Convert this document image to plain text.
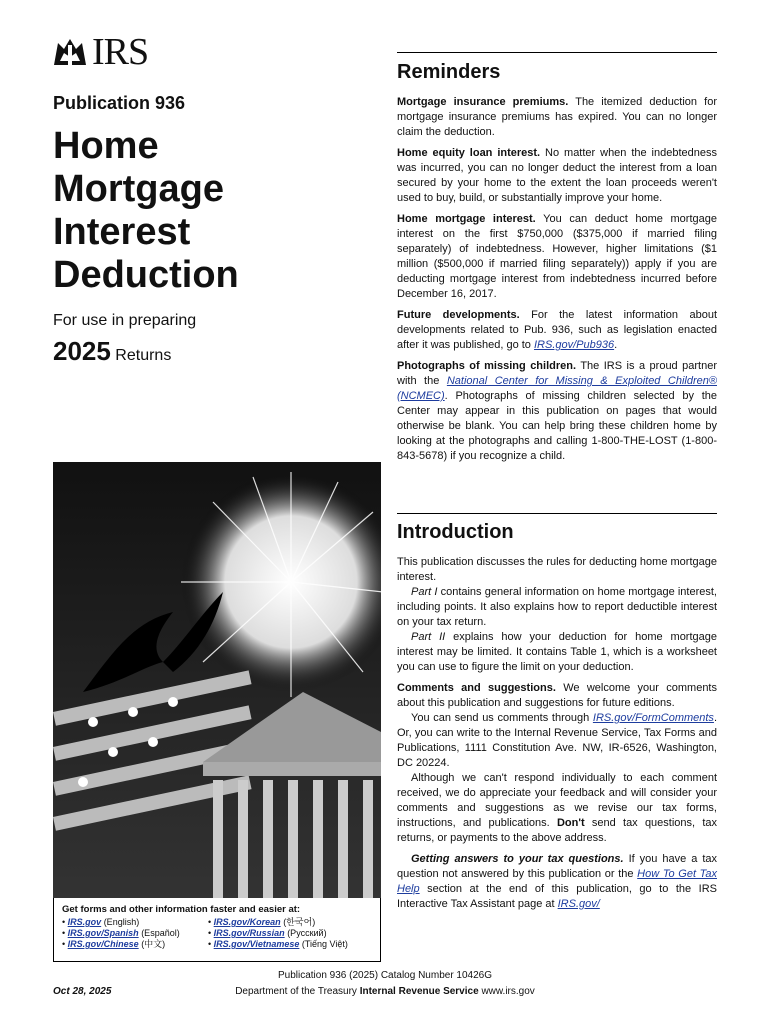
IRS
Publication 936
Home
Mortgage
Interest
Deduction
For use in preparing
2025 Returns
Get forms and other information faster and easier at:
• IRS.gov (English)
• IRS.gov/Spanish (Español)
• IRS.gov/Chinese (中文)
• IRS.gov/Korean (한국어)
• IRS.gov/Russian (Русский)
• IRS.gov/Vietnamese (Tiếng Việt)
Reminders

Mortgage insurance premiums. The itemized deduction for mortgage insurance premiums has expired. You can no longer claim the deduction.

Home equity loan interest. No matter when the indebtedness was incurred, you can no longer deduct the interest from a loan secured by your home to the extent the loan proceeds weren't used to buy, build, or substantially improve your home.

Home mortgage interest. You can deduct home mortgage interest on the first $750,000 ($375,000 if married filing separately) of indebtedness. However, higher limitations ($1 million ($500,000 if married filing separately)) apply if you are deducting mortgage interest from indebtedness incurred before December 16, 2017.

Future developments. For the latest information about developments related to Pub. 936, such as legislation enacted after it was published, go to IRS.gov/Pub936.

Photographs of missing children. The IRS is a proud partner with the National Center for Missing & Exploited Children® (NCMEC). Photographs of missing children selected by the Center may appear in this publication on pages that would otherwise be blank. You can help bring these children home by looking at the photographs and calling 1-800-THE-LOST (1-800-843-5678) if you recognize a child.

Introduction

This publication discusses the rules for deducting home mortgage interest.

Part I contains general information on home mortgage interest, including points. It also explains how to report deductible interest on your tax return.

Part II explains how your deduction for home mortgage interest may be limited. It contains Table 1, which is a worksheet you can use to figure the limit on your deduction.

Comments and suggestions. We welcome your comments about this publication and suggestions for future editions.

You can send us comments through IRS.gov/FormComments. Or, you can write to the Internal Revenue Service, Tax Forms and Publications, 1111 Constitution Ave. NW, IR-6526, Washington, DC 20224.

Although we can't respond individually to each comment received, we do appreciate your feedback and will consider your comments and suggestions as we revise our tax forms, instructions, and publications. Don't send tax questions, tax returns, or payments to the above address.

Getting answers to your tax questions. If you have a tax question not answered by this publication or the How To Get Tax Help section at the end of this publication, go to the IRS Interactive Tax Assistant page at IRS.gov/

Publication 936 (2025) Catalog Number 10426G
Oct 28, 2025	Department of the Treasury Internal Revenue Service www.irs.gov
